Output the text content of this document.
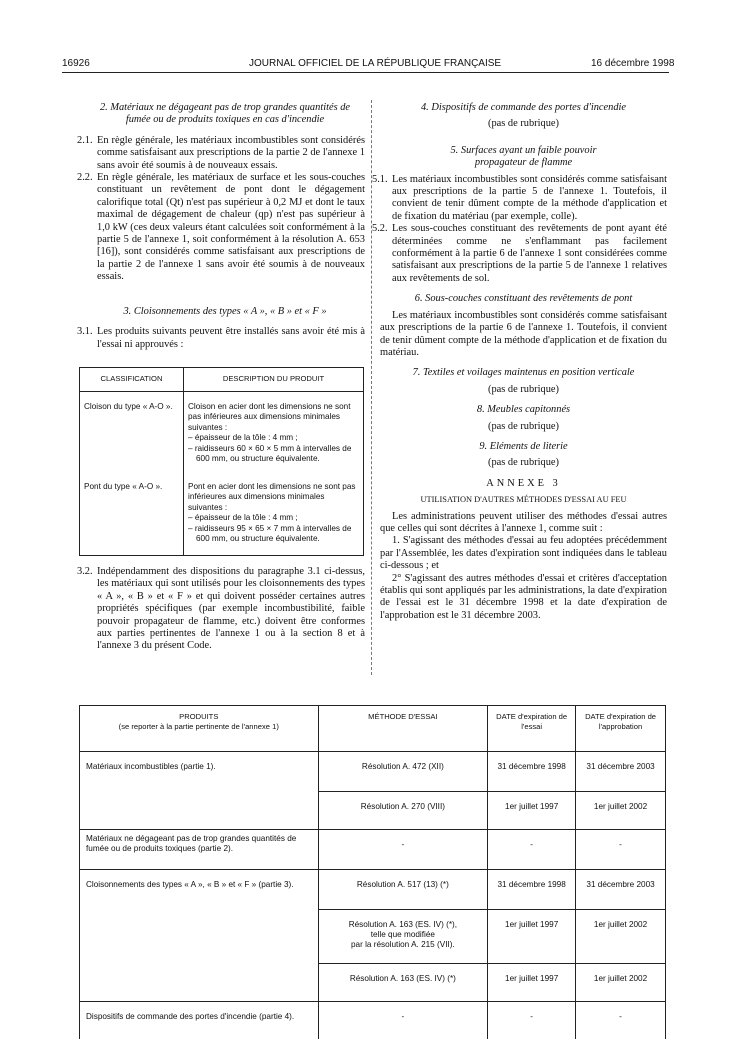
16926	JOURNAL OFFICIEL DE LA RÉPUBLIQUE FRANÇAISE	16 décembre 1998
2. Matériaux ne dégageant pas de trop grandes quantités de fumée ou de produits toxiques en cas d'incendie
2.1. En règle générale, les matériaux incombustibles sont considérés comme satisfaisant aux prescriptions de la partie 2 de l'annexe 1 sans avoir été soumis à de nouveaux essais.
2.2. En règle générale, les matériaux de surface et les sous-couches constituant un revêtement de pont dont le dégagement calorifique total (Qt) n'est pas supérieur à 0,2 MJ et dont le taux maximal de dégagement de chaleur (qp) n'est pas supérieur à 1,0 kW (ces deux valeurs étant calculées soit conformément à la partie 5 de l'annexe 1, soit conformément à la résolution A. 653 [16]), sont considérés comme satisfaisant aux prescriptions de la partie 2 de l'annexe 1 sans avoir été soumis à de nouveaux essais.
3. Cloisonnements des types « A », « B » et « F »
3.1. Les produits suivants peuvent être installés sans avoir été mis à l'essai ni approuvés :
CLASSIFICATION	DESCRIPTION DU PRODUIT
Cloison du type « A-O ».	Cloison en acier dont les dimensions ne sont pas inférieures aux dimensions minimales suivantes :
– épaisseur de la tôle : 4 mm ;
– raidisseurs 60 × 60 × 5 mm à intervalles de 600 mm, ou structure équivalente.

Pont du type « A-O ».	Pont en acier dont les dimensions ne sont pas inférieures aux dimensions minimales suivantes :
– épaisseur de la tôle : 4 mm ;
– raidisseurs 95 × 65 × 7 mm à intervalles de 600 mm, ou structure équivalente.
3.2. Indépendamment des dispositions du paragraphe 3.1 ci-dessus, les matériaux qui sont utilisés pour les cloisonnements des types « A », « B » et « F » et qui doivent posséder certaines autres propriétés spécifiques (par exemple incombustibilité, faible pouvoir propagateur de flamme, etc.) doivent être conformes aux parties pertinentes de l'annexe 1 ou à la section 8 et à l'annexe 3 du présent Code.
4. Dispositifs de commande des portes d'incendie
(pas de rubrique)
5. Surfaces ayant un faible pouvoir
propagateur de flamme
5.1. Les matériaux incombustibles sont considérés comme satisfaisant aux prescriptions de la partie 5 de l'annexe 1. Toutefois, il convient de tenir dûment compte de la méthode d'application et de fixation du matériau (par exemple, colle).
5.2. Les sous-couches constituant des revêtements de pont ayant été déterminées comme ne s'enflammant pas facilement conformément à la partie 6 de l'annexe 1 sont considérées comme satisfaisant aux prescriptions de la partie 5 de l'annexe 1 relatives aux revêtements de sol.
6. Sous-couches constituant des revêtements de pont
Les matériaux incombustibles sont considérés comme satisfaisant aux prescriptions de la partie 6 de l'annexe 1. Toutefois, il convient de tenir dûment compte de la méthode d'application et de fixation du matériau.
7. Textiles et voilages maintenus en position verticale
(pas de rubrique)
8. Meubles capitonnés
(pas de rubrique)
9. Eléments de literie
(pas de rubrique)
ANNEXE 3
UTILISATION D'AUTRES MÉTHODES D'ESSAI AU FEU
Les administrations peuvent utiliser des méthodes d'essai autres que celles qui sont décrites à l'annexe 1, comme suit :
1. S'agissant des méthodes d'essai au feu adoptées précédemment par l'Assemblée, les dates d'expiration sont indiquées dans le tableau ci-dessous ; et
2° S'agissant des autres méthodes d'essai et critères d'acceptation établis qui sont appliqués par les administrations, la date d'expiration de l'essai est le 31 décembre 1998 et la date d'expiration de l'approbation est le 31 décembre 2003.
PRODUITS
(se reporter à la partie pertinente de l'annexe 1)	MÉTHODE D'ESSAI	DATE d'expiration de l'essai	DATE d'expiration de l'approbation
Matériaux incombustibles (partie 1).	Résolution A. 472 (XII)	31 décembre 1998	31 décembre 2003
	Résolution A. 270 (VIII)	1er juillet 1997	1er juillet 2002
Matériaux ne dégageant pas de trop grandes quantités de fumée ou de produits toxiques (partie 2).	-	-	-
Cloisonnements des types « A », « B » et « F » (partie 3).	Résolution A. 517 (13) (*)	31 décembre 1998	31 décembre 2003

	Résolution A. 163 (ES. IV) (*),
telle que modifiée
par la résolution A. 215 (VII).	1er juillet 1997	1er juillet 2002
	Résolution A. 163 (ES. IV) (*)	1er juillet 1997	1er juillet 2002
Dispositifs de commande des portes d'incendie (partie 4).	-	-	-
